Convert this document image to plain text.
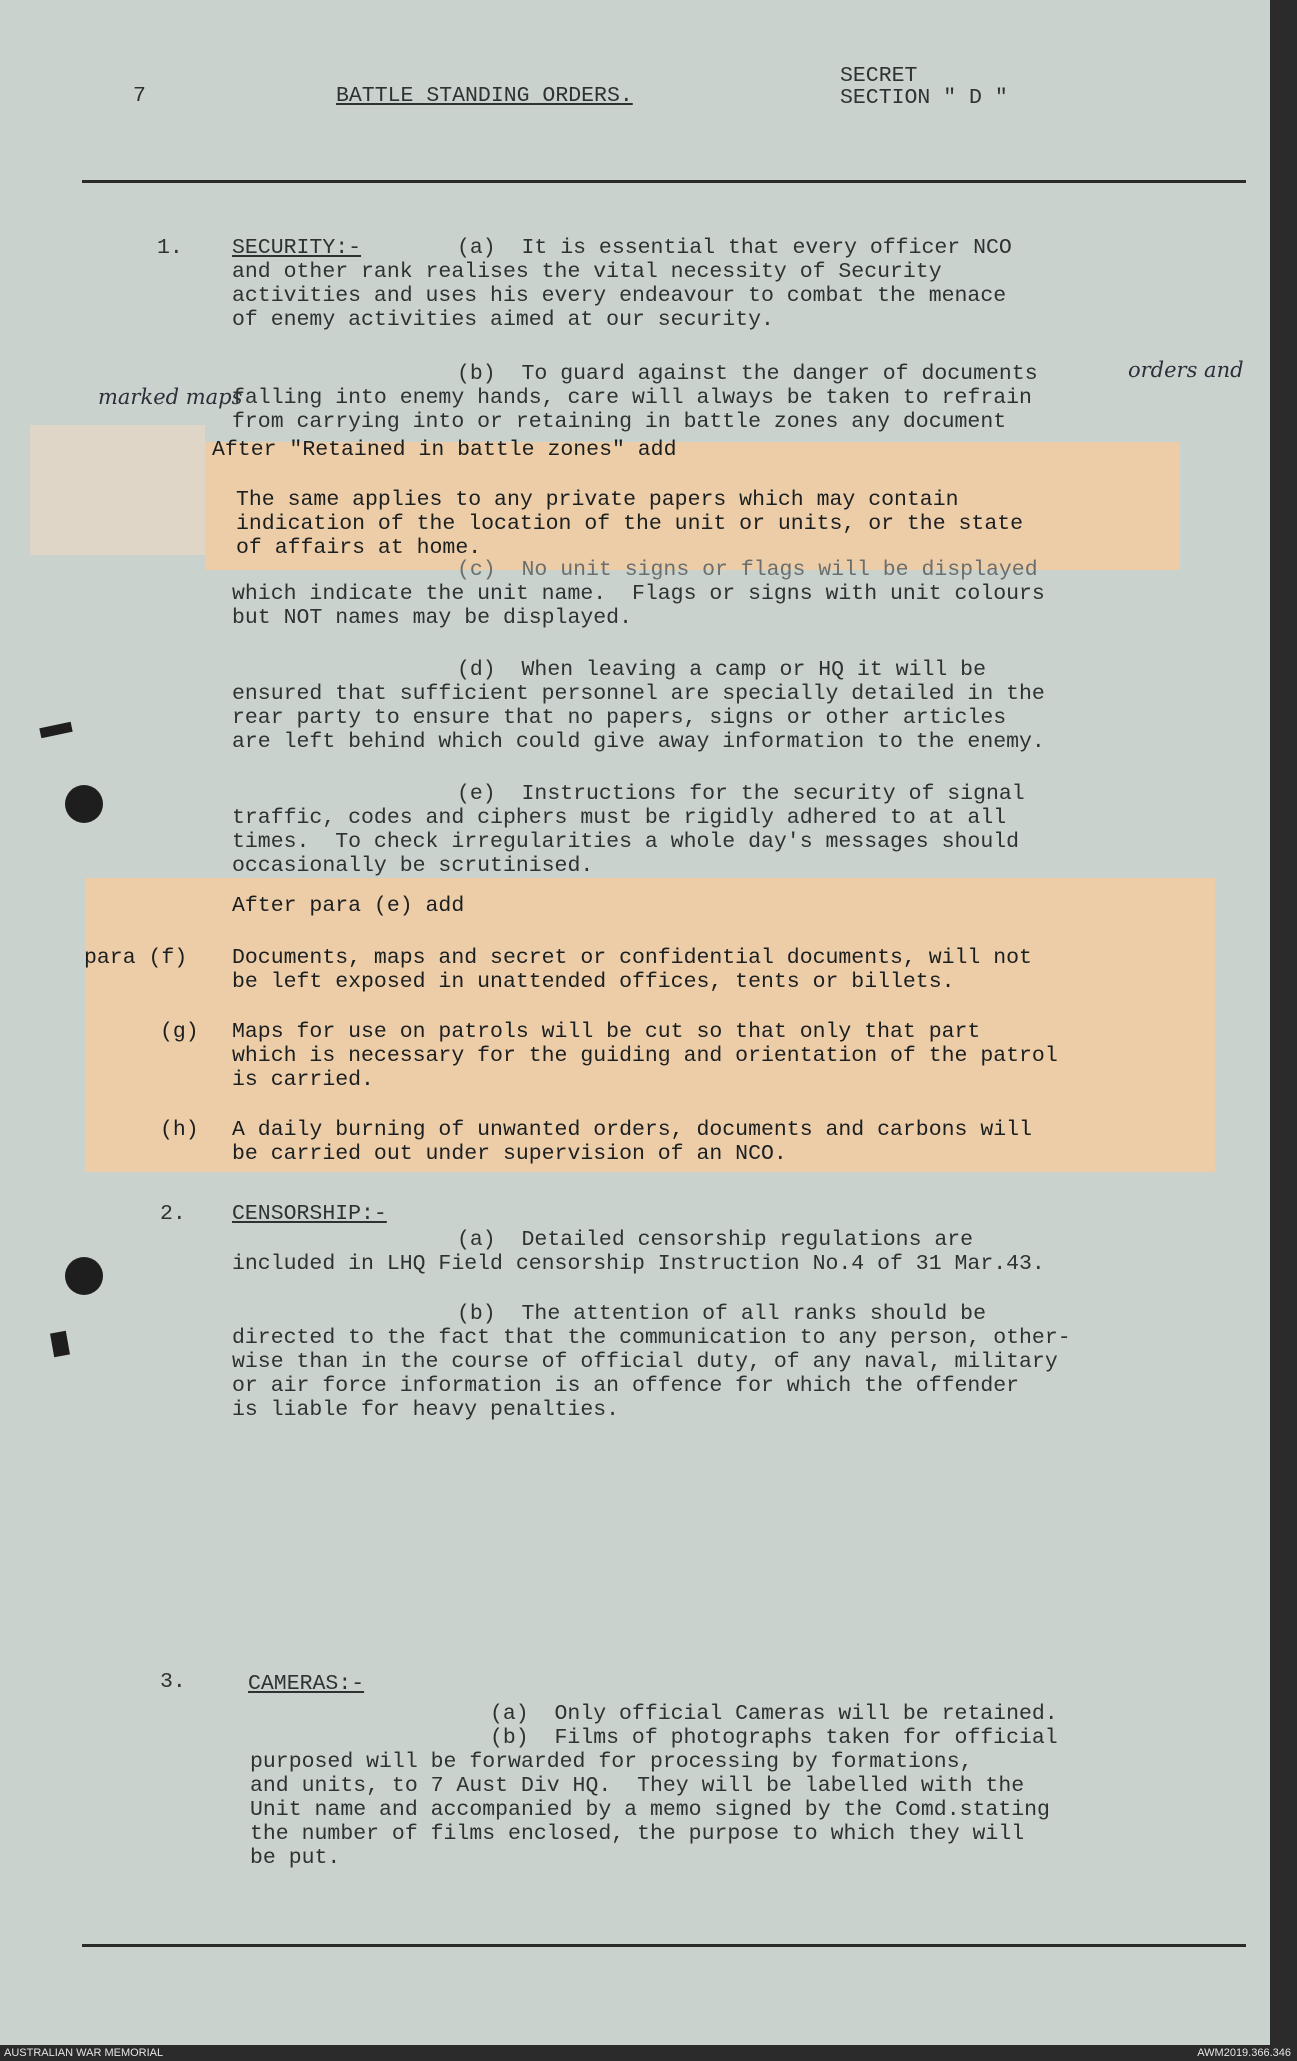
7	BATTLE STANDING ORDERS.
SECRET
SECTION " D "
1. SECURITY:-	(a)  It is essential that every officer NCO
and other rank realises the vital necessity of Security
activities and uses his every endeavour to combat the menace
of enemy activities aimed at our security.
(b)  To guard against the danger of documents	orders and
marked maps
falling into enemy hands, care will always be taken to refrain
from carrying into or retaining in battle zones any document
After "Retained in battle zones" add
The same applies to any private papers which may contain
indication of the location of the unit or units, or the state
of affairs at home.
(c)  No unit signs or flags will be displayed
which indicate the unit name.  Flags or signs with unit colours
but NOT names may be displayed.
(d)  When leaving a camp or HQ it will be
ensured that sufficient personnel are specially detailed in the
rear party to ensure that no papers, signs or other articles
are left behind which could give away information to the enemy.
(e)  Instructions for the security of signal
traffic, codes and ciphers must be rigidly adhered to at all
times.  To check irregularities a whole day's messages should
occasionally be scrutinised.
After para (e) add
para (f) Documents, maps and secret or confidential documents, will not
be left exposed in unattended offices, tents or billets.
(g) Maps for use on patrols will be cut so that only that part
which is necessary for the guiding and orientation of the patrol
is carried.
(h) A daily burning of unwanted orders, documents and carbons will
be carried out under supervision of an NCO.
2. CENSORSHIP:-
(a)  Detailed censorship regulations are
included in LHQ Field censorship Instruction No.4 of 31 Mar.43.
(b)  The attention of all ranks should be
directed to the fact that the communication to any person, other-
wise than in the course of official duty, of any naval, military
or air force information is an offence for which the offender
is liable for heavy penalties.
3.	CAMERAS:-
(a)  Only official Cameras will be retained.
(b)  Films of photographs taken for official
purposed will be forwarded for processing by formations,
and units, to 7 Aust Div HQ.  They will be labelled with the
Unit name and accompanied by a memo signed by the Comd.stating
the number of films enclosed, the purpose to which they will
be put.
AUSTRALIAN WAR MEMORIAL	AWM2019.366.346
